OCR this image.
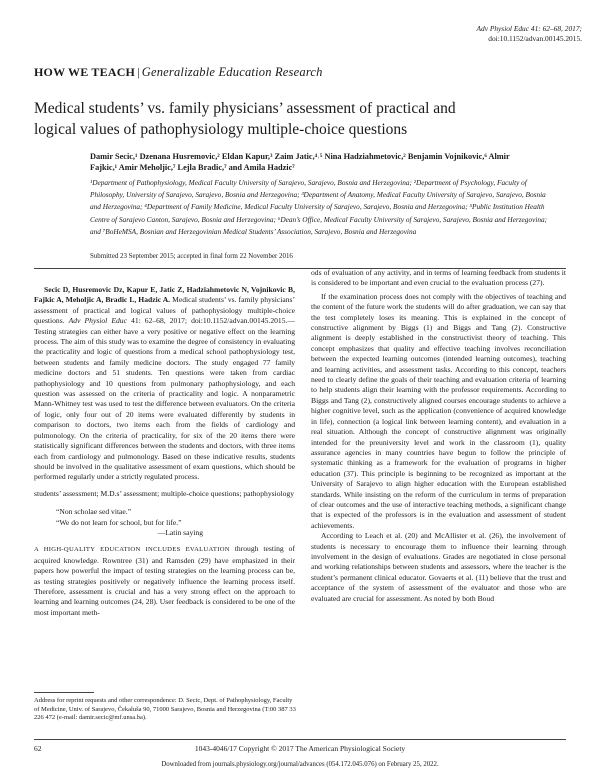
Adv Physiol Educ 41: 62–68, 2017;
doi:10.1152/advan.00145.2015.
HOW WE TEACH | Generalizable Education Research
Medical students’ vs. family physicians’ assessment of practical and logical values of pathophysiology multiple-choice questions
Damir Secic,¹ Dzenana Husremovic,² Eldan Kapur,³ Zaim Jatic,⁴˒⁵ Nina Hadziahmetovic,² Benjamin Vojnikovic,⁶ Almir Fajkic,¹ Amir Meholjic,⁷ Lejla Bradic,⁷ and Amila Hadzic⁷
¹Department of Pathophysiology, Medical Faculty University of Sarajevo, Sarajevo, Bosnia and Herzegovina; ²Department of Psychology, Faculty of Philosophy, University of Sarajevo, Sarajevo, Bosnia and Herzegovina; ³Department of Anatomy, Medical Faculty University of Sarajevo, Sarajevo, Bosnia and Herzegovina; ⁴Department of Family Medicine, Medical Faculty University of Sarajevo, Sarajevo, Bosnia and Herzegovina; ⁵Public Institution Health Centre of Sarajevo Canton, Sarajevo, Bosnia and Herzegovina; ⁶Dean’s Office, Medical Faculty University of Sarajevo, Sarajevo, Bosnia and Herzegovina; and ⁷BoHeMSA, Bosnian and Herzegovinian Medical Students’ Association, Sarajevo, Bosnia and Herzegovina
Submitted 23 September 2015; accepted in final form 22 November 2016

Secic D, Husremovic Dz, Kapur E, Jatic Z, Hadziahmetovic N, Vojnikovic B, Fajkic A, Meholjic A, Bradic L, Hadzic A. Medical students’ vs. family physicians’ assessment of practical and logical values of pathophysiology multiple-choice questions. Adv Physiol Educ 41: 62–68, 2017; doi:10.1152/advan.00145.2015.—Testing strategies can either have a very positive or negative effect on the learning process. The aim of this study was to examine the degree of consistency in evaluating the practicality and logic of questions from a medical school pathophysiology test, between students and family medicine doctors. The study engaged 77 family medicine doctors and 51 students. Ten questions were taken from cardiac pathophysiology and 10 questions from pulmonary pathophysiology, and each question was assessed on the criteria of practicality and logic. A nonparametric Mann-Whitney test was used to test the difference between evaluators. On the criteria of logic, only four out of 20 items were evaluated differently by students in comparison to doctors, two items each from the fields of cardiology and pulmonology. On the criteria of practicality, for six of the 20 items there were statistically significant differences between the students and doctors, with three items each from cardiology and pulmonology. Based on these indicative results, students should be involved in the qualitative assessment of exam questions, which should be performed regularly under a strictly regulated process.

students’ assessment; M.D.s’ assessment; multiple-choice questions; pathophysiology

“Non scholae sed vitae.”

“We do not learn for school, but for life.”

—Latin saying

A HIGH-QUALITY EDUCATION INCLUDES EVALUATION through testing of acquired knowledge. Rowntree (31) and Ramsden (29) have emphasized in their papers how powerful the impact of testing strategies on the learning process can be, as testing strategies positively or negatively influence the learning process itself. Therefore, assessment is crucial and has a very strong effect on the approach to learning and learning outcomes (24, 28). User feedback is considered to be one of the most important meth-

ods of evaluation of any activity, and in terms of learning feedback from students it is considered to be important and even crucial to the evaluation process (27).

If the examination process does not comply with the objectives of teaching and the content of the future work the students will do after graduation, we can say that the test completely loses its meaning. This is explained in the concept of constructive alignment by Biggs (1) and Biggs and Tang (2). Constructive alignment is deeply established in the constructivist theory of teaching. This concept emphasizes that quality and effective teaching involves reconciliation between the expected learning outcomes (intended learning outcomes), teaching and learning activities, and assessment tasks. According to this concept, teachers need to clearly define the goals of their teaching and evaluation criteria of learning to help students align their learning with the professor requirements. According to Biggs and Tang (2), constructively aligned courses encourage students to achieve a higher cognitive level, such as the application (convenience of acquired knowledge in life), connection (a logical link between learning content), and evaluation in a real situation. Although the concept of constructive alignment was originally intended for the preuniversity level and work in the classroom (1), quality assurance agencies in many countries have begun to follow the principle of systematic thinking as a framework for the evaluation of programs in higher education (37). This principle is beginning to be recognized as important at the University of Sarajevo to align higher education with the European established standards. While insisting on the reform of the curriculum in terms of preparation of clear outcomes and the use of interactive teaching methods, a significant change that is expected of the professors is in the evaluation and assessment of student achievements.

According to Leach et al. (20) and McAllister et al. (26), the involvement of students is necessary to encourage them to influence their learning through involvement in the design of evaluations. Grades are negotiated in close personal and working relationships between students and assessors, where the teacher is the student’s permanent clinical educator. Govaerts et al. (11) believe that the trust and acceptance of the system of assessment of the evaluator and those who are evaluated are crucial for assessment. As noted by both Boud

Address for reprint requests and other correspondence: D. Secic, Dept. of Pathophysiology, Faculty of Medicine, Univ. of Sarajevo, Čekaluša 90, 71000 Sarajevo, Bosnia and Herzegovina (T:00 387 33 226 472 (e-mail: damir.secic@mf.unsa.ba).
62	1043-4046/17 Copyright © 2017 The American Physiological Society
Downloaded from journals.physiology.org/journal/advances (054.172.045.076) on February 25, 2022.
